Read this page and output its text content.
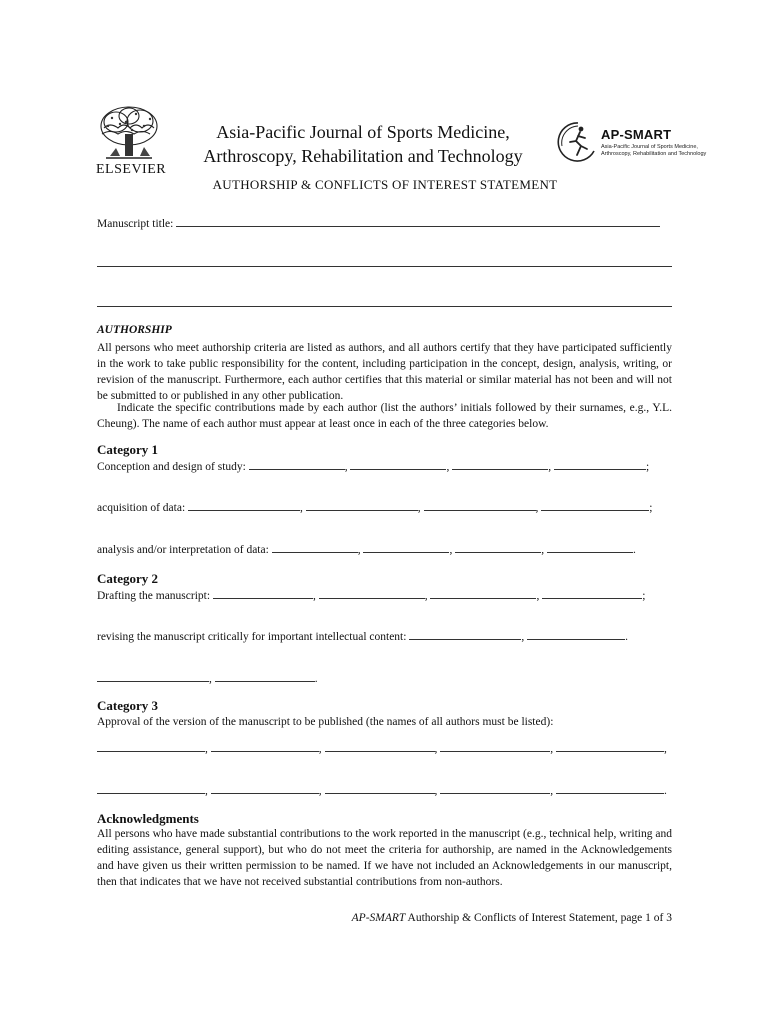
ELSEVIER
Asia-Pacific Journal of Sports Medicine,
Arthroscopy, Rehabilitation and Technology
AP-SMART
Asia-Pacific Journal of Sports Medicine,
Arthroscopy, Rehabilitation and Technology
AUTHORSHIP & CONFLICTS OF INTEREST STATEMENT
Manuscript title:
AUTHORSHIP

All persons who meet authorship criteria are listed as authors, and all authors certify that they have participated sufficiently in the work to take public responsibility for the content, including participation in the concept, design, analysis, writing, or revision of the manuscript. Furthermore, each author certifies that this material or similar material has not been and will not be submitted to or published in any other publication.

Indicate the specific contributions made by each author (list the authors’ initials followed by their surnames, e.g., Y.L. Cheung). The name of each author must appear at least once in each of the three categories below.

Category 1
Conception and design of study:	,	,	,	;
acquisition of data:	,	,	,	;
analysis and/or interpretation of data:	,	,	,	.
Category 2
Drafting the manuscript:	,	,	,	;
revising the manuscript critically for important intellectual content:	,	.
,	.
Category 3
Approval of the version of the manuscript to be published (the names of all authors must be listed):
,	,	,	,	,
,	,	,	,	.
Acknowledgments

All persons who have made substantial contributions to the work reported in the manuscript (e.g., technical help, writing and editing assistance, general support), but who do not meet the criteria for authorship, are named in the Acknowledgements and have given us their written permission to be named. If we have not included an Acknowledgements in our manuscript, then that indicates that we have not received substantial contributions from non-authors.

AP-SMART Authorship & Conflicts of Interest Statement, page 1 of 3
